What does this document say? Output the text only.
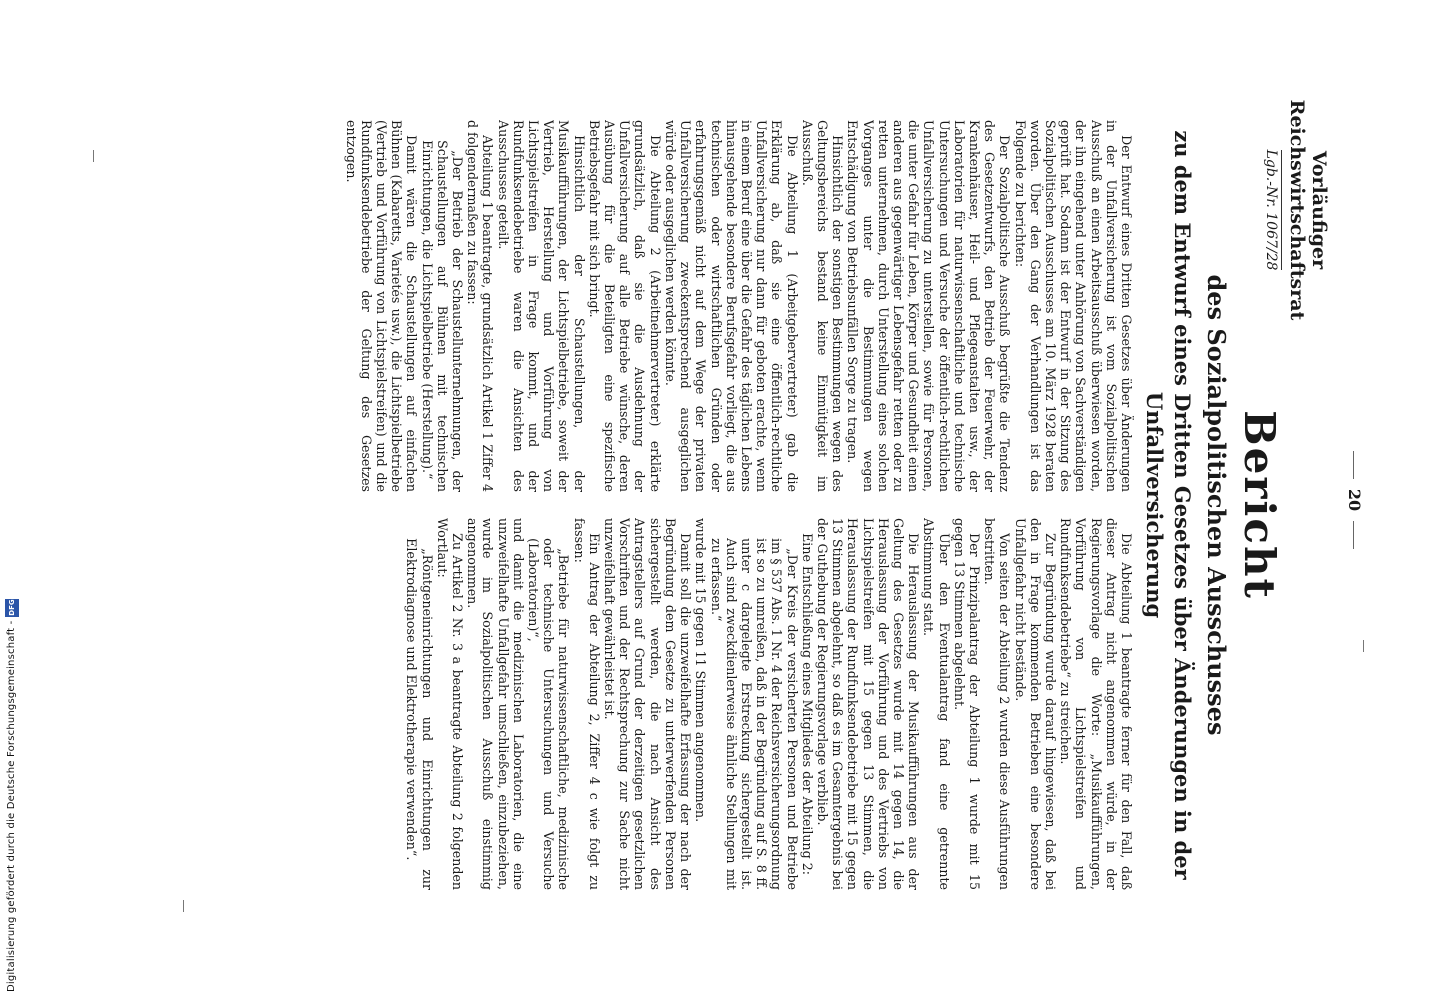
20
Vorläufiger
Reichswirtschaftsrat
Lgb.-Nr. 1067/28
Bericht
des Sozialpolitischen Ausschusses
zu dem Entwurf eines Dritten Gesetzes über Änderungen in der Unfallversicherung

Der Entwurf eines Dritten Gesetzes über Änderungen in der Unfallversicherung ist vom Sozialpolitischen Ausschuß an einen Arbeitsausschuß überwiesen worden, der ihn eingehend unter Anhörung von Sachverständigen geprüft hat. Sodann ist der Entwurf in der Sitzung des Sozialpolitischen Ausschusses am 10. März 1928 beraten worden. Über den Gang der Verhandlungen ist das Folgende zu berichten:

Der Sozialpolitische Ausschuß begrüßte die Tendenz des Gesetzentwurfs, den Betrieb der Feuerwehr, der Krankenhäuser, Heil- und Pflegeanstalten usw., der Laboratorien für naturwissenschaftliche und technische Untersuchungen und Versuche der öffentlich-rechtlichen Unfallversicherung zu unterstellen, sowie für Personen, die unter Gefahr für Leben, Körper und Gesundheit einen anderen aus gegenwärtiger Lebensgefahr retten oder zu retten unternehmen, durch Unterstellung eines solchen Vorganges unter die Bestimmungen wegen Entschädigung von Betriebsunfällen Sorge zu tragen.

Hinsichtlich der sonstigen Bestimmungen wegen des Geltungsbereichs bestand keine Einmütigkeit im Ausschuß.

Die Abteilung 1 (Arbeitgebervertreter) gab die Erklärung ab, daß sie eine öffentlich-rechtliche Unfallversicherung nur dann für geboten erachte, wenn in einem Beruf eine über die Gefahr des täglichen Lebens hinausgehende besondere Berufsgefahr vorliegt, die aus technischen oder wirtschaftlichen Gründen oder erfahrungsgemäß nicht auf dem Wege der privaten Unfallversicherung zweckentsprechend ausgeglichen würde oder ausgeglichen werden könnte.

Die Abteilung 2 (Arbeitnehmervertreter) erklärte grundsätzlich, daß sie die Ausdehnung der Unfallversicherung auf alle Betriebe wünsche, deren Ausübung für die Beteiligten eine spezifische Betriebsgefahr mit sich bringt.

Hinsichtlich der Schaustellungen, der Musikaufführungen, der Lichtspielbetriebe, soweit der Vertrieb, Herstellung und Vorführung von Lichtspielstreifen in Frage kommt, und der Rundfunksendebetriebe waren die Ansichten des Ausschusses geteilt.

Abteilung 1 beantragte, grundsätzlich Artikel 1 Ziffer 4 d folgendermaßen zu fassen:

„Der Betrieb der Schaustellunternehmungen, der Schaustellungen auf Bühnen mit technischen Einrichtungen, die Lichtspielbetriebe (Herstellung).“

Damit wären die Schaustellungen auf einfachen Bühnen (Kabaretts, Varietés usw.), die Lichtspielbetriebe (Vertrieb und Vorführung von Lichtspielstreifen) und die Rundfunksendebetriebe der Geltung des Gesetzes entzogen.

Die Abteilung 1 beantragte ferner für den Fall, daß dieser Antrag nicht angenommen würde, in der Regierungsvorlage die Worte: „Musikaufführungen, Vorführung von Lichtspielstreifen und Rundfunksendebetriebe“ zu streichen.

Zur Begründung wurde darauf hingewiesen, daß bei den in Frage kommenden Betrieben eine besondere Unfallgefahr nicht bestände.

Von seiten der Abteilung 2 wurden diese Ausführungen bestritten.

Der Prinzipalantrag der Abteilung 1 wurde mit 15 gegen 13 Stimmen abgelehnt.

Über den Eventualantrag fand eine getrennte Abstimmung statt.

Die Herauslassung der Musikaufführungen aus der Geltung des Gesetzes wurde mit 14 gegen 14, die Herauslassung der Vorführung und des Vertriebs von Lichtspielstreifen mit 15 gegen 13 Stimmen, die Herauslassung der Rundfunksendebetriebe mit 15 gegen 13 Stimmen abgelehnt, so daß es im Gesamtergebnis bei der Guthebung der Regierungsvorlage verblieb.

Eine Entschließung eines Mitgliedes der Abteilung 2:

„Der Kreis der versicherten Personen und Betriebe im § 537 Abs. 1 Nr. 4 der Reichsversicherungsordnung ist so zu umreißen, daß in der Begründung auf S. 8 ff. unter c dargelegte Erstreckung sichergestellt ist. Auch sind zweckdienlerweise ähnliche Stellungen mit zu erfassen.“

wurde mit 15 gegen 11 Stimmen angenommen.

Damit soll die unzweifelhafte Erfassung der nach der Begründung dem Gesetze zu unterwerfenden Personen sichergestellt werden, die nach Ansicht des Antragstellers auf Grund der derzeitigen gesetzlichen Vorschriften und der Rechtsprechung zur Sache nicht unzweifelhaft gewährleistet ist.

Ein Antrag der Abteilung 2, Ziffer 4 c wie folgt zu fassen:

„Betriebe für naturwissenschaftliche, medizinische oder technische Untersuchungen und Versuche (Laboratorien)“,

und damit die medizinischen Laboratorien, die eine unzweifelhafte Unfallgefahr umschließen, einzubeziehen, wurde im Sozialpolitischen Ausschuß einstimmig angenommen.

Zu Artikel 2 Nr. 3 a beantragte Abteilung 2 folgenden Wortlaut:

„Röntgeneinrichtungen und Einrichtungen zur Elektrodiagnose und Elektrotherapie verwenden“.

Digitalisierung gefördert durch die Deutsche Forschungsgemeinschaft -
DFG
